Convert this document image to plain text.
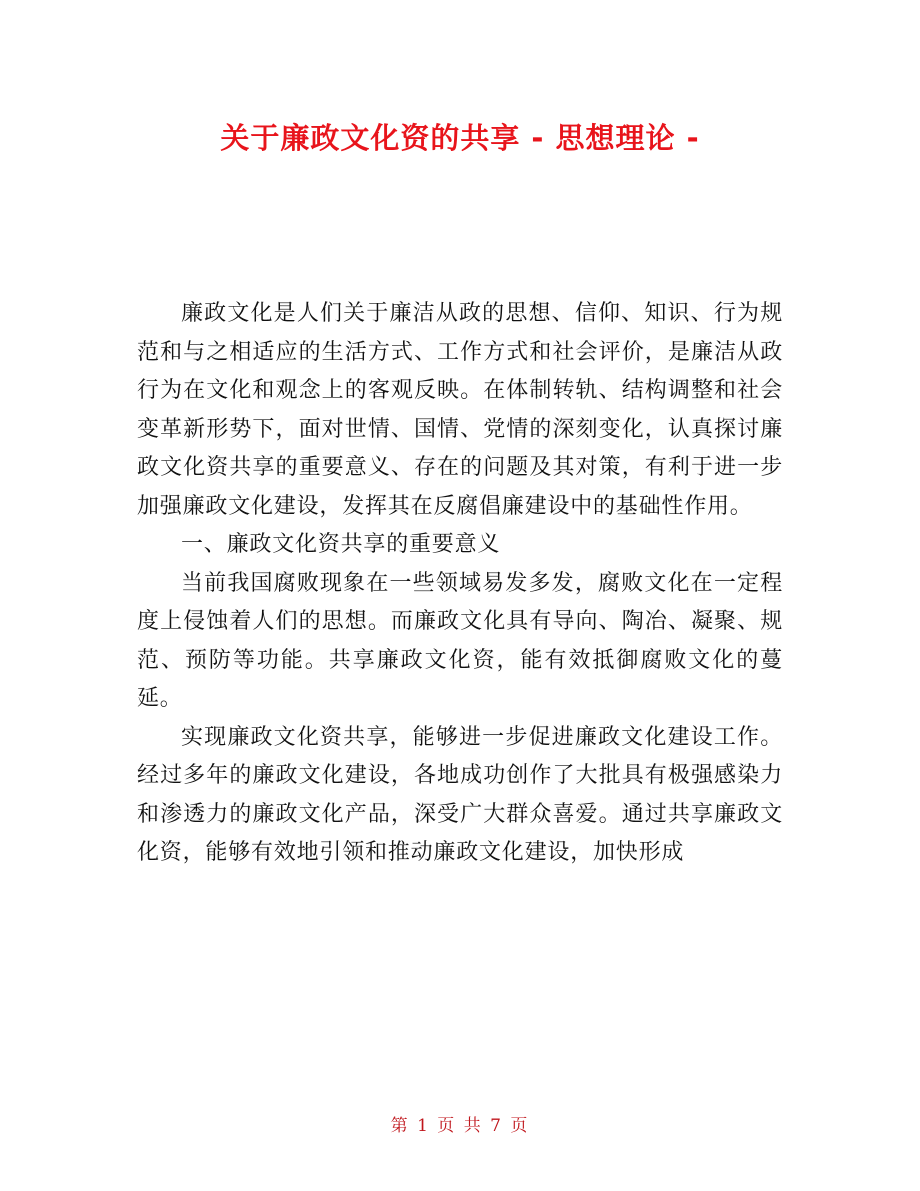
关于廉政文化资的共享 - 思想理论 -

廉政文化是人们关于廉洁从政的思想、信仰、知识、行为规范和与之相适应的生活方式、工作方式和社会评价，是廉洁从政行为在文化和观念上的客观反映。在体制转轨、结构调整和社会变革新形势下，面对世情、国情、党情的深刻变化，认真探讨廉政文化资共享的重要意义、存在的问题及其对策，有利于进一步加强廉政文化建设，发挥其在反腐倡廉建设中的基础性作用。

一、廉政文化资共享的重要意义

当前我国腐败现象在一些领域易发多发，腐败文化在一定程度上侵蚀着人们的思想。而廉政文化具有导向、陶冶、凝聚、规范、预防等功能。共享廉政文化资，能有效抵御腐败文化的蔓延。

实现廉政文化资共享，能够进一步促进廉政文化建设工作。经过多年的廉政文化建设，各地成功创作了大批具有极强感染力和渗透力的廉政文化产品，深受广大群众喜爱。通过共享廉政文化资，能够有效地引领和推动廉政文化建设，加快形成

第 1 页 共 7 页
